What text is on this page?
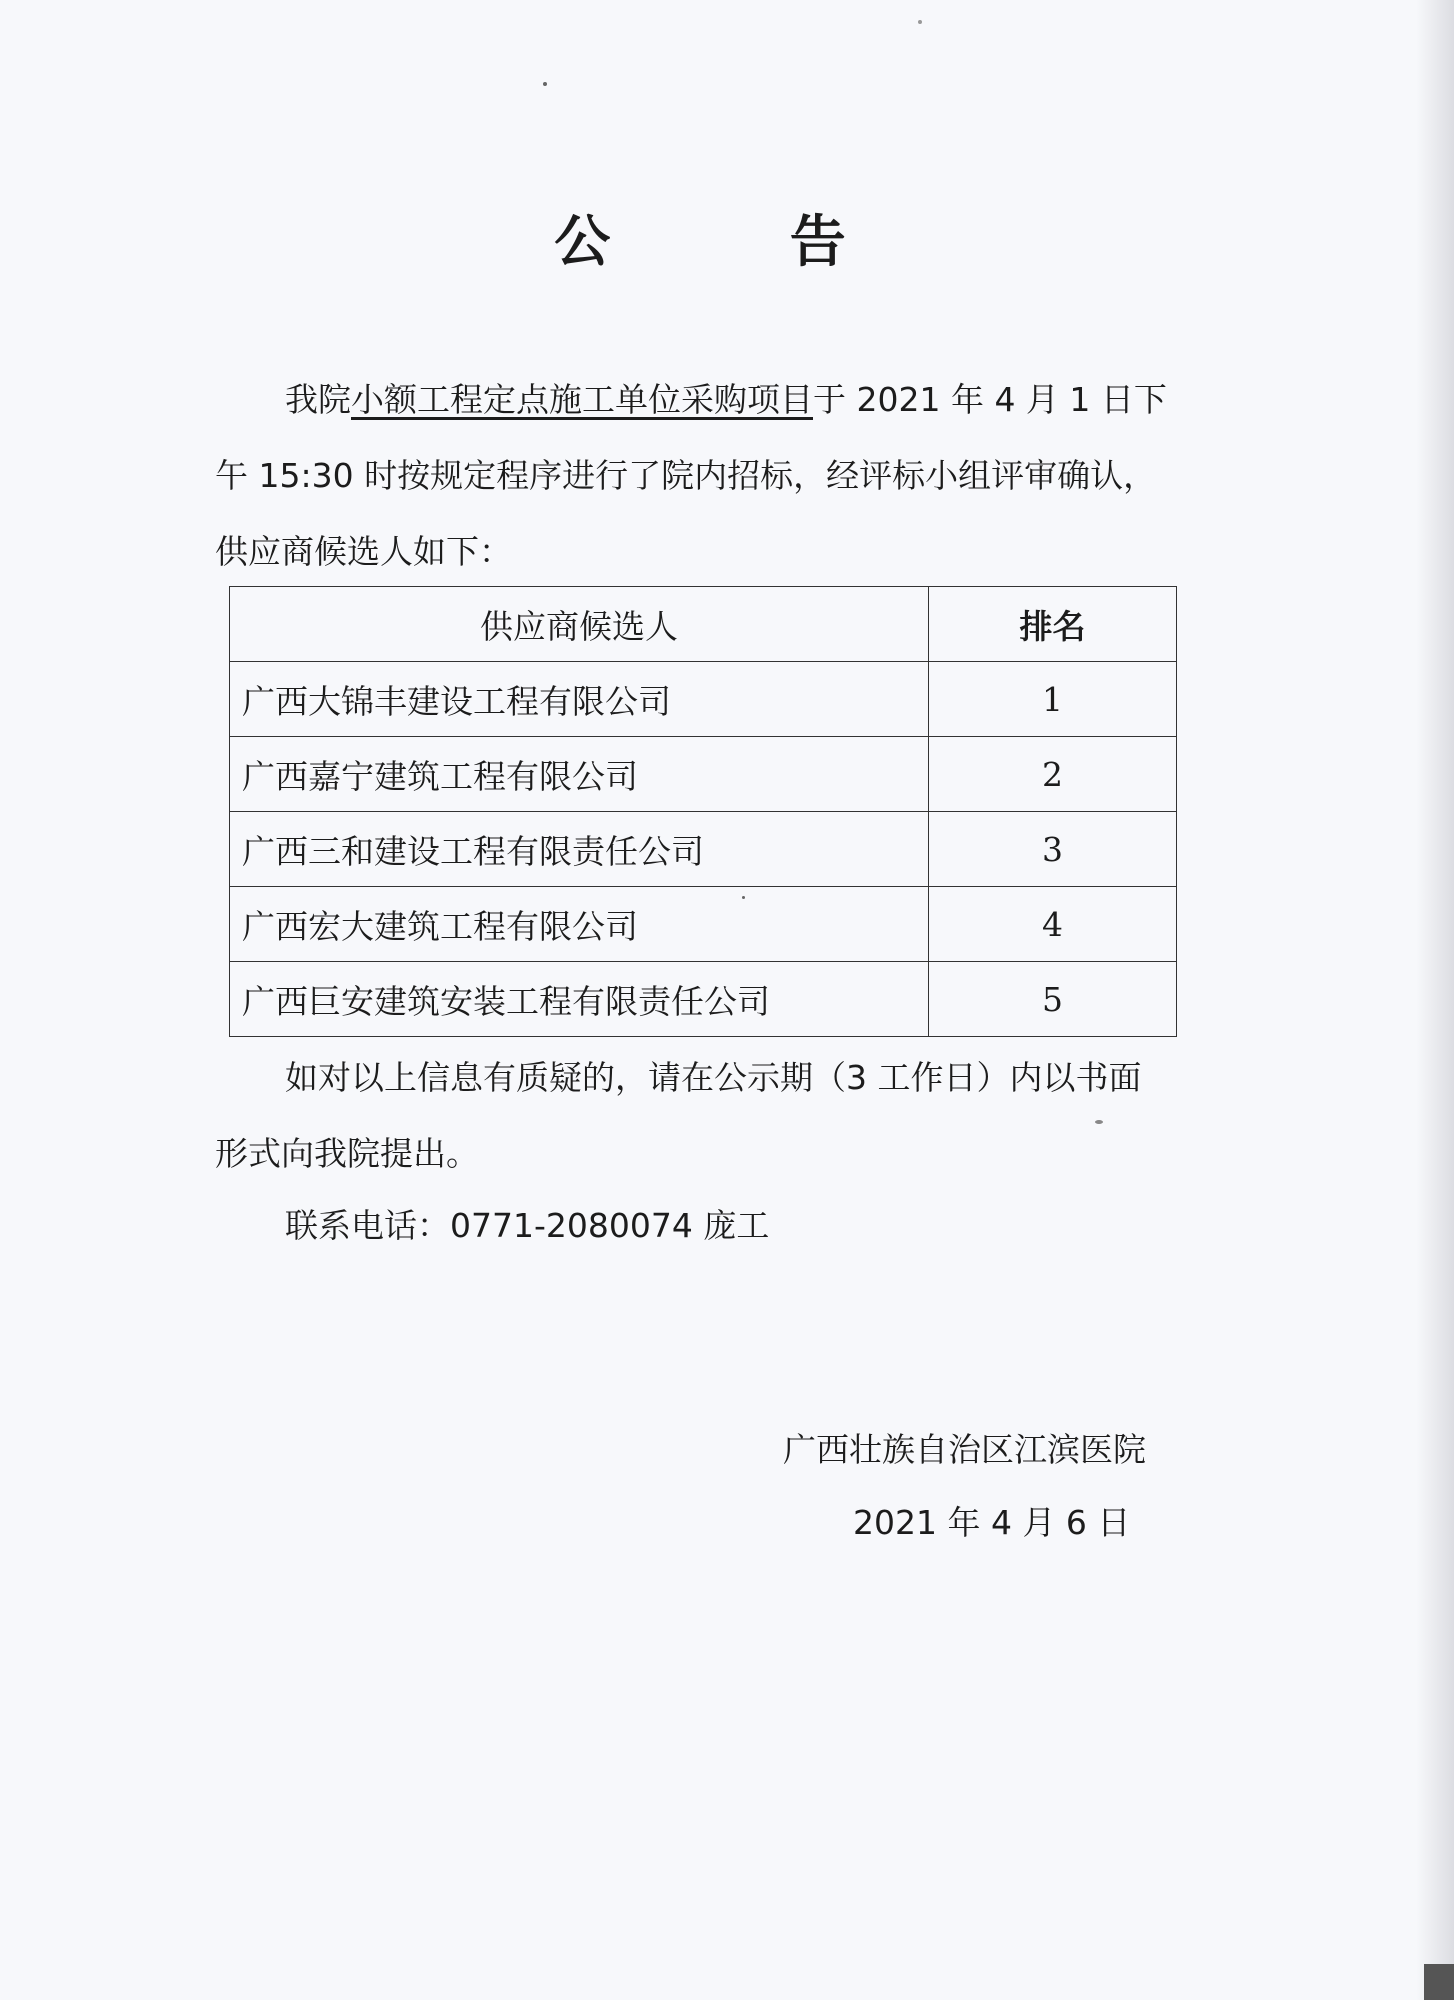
公 告
我院小额工程定点施工单位采购项目于 2021 年 4 月 1 日下
午 15:30 时按规定程序进行了院内招标，经评标小组评审确认，
供应商候选人如下：
供应商候选人	排名
广西大锦丰建设工程有限公司	1
广西嘉宁建筑工程有限公司	2
广西三和建设工程有限责任公司	3
广西宏大建筑工程有限公司	4
广西巨安建筑安装工程有限责任公司	5
如对以上信息有质疑的，请在公示期（3 工作日）内以书面
形式向我院提出。
联系电话：0771-2080074 庞工
广西壮族自治区江滨医院
2021 年 4 月 6 日
